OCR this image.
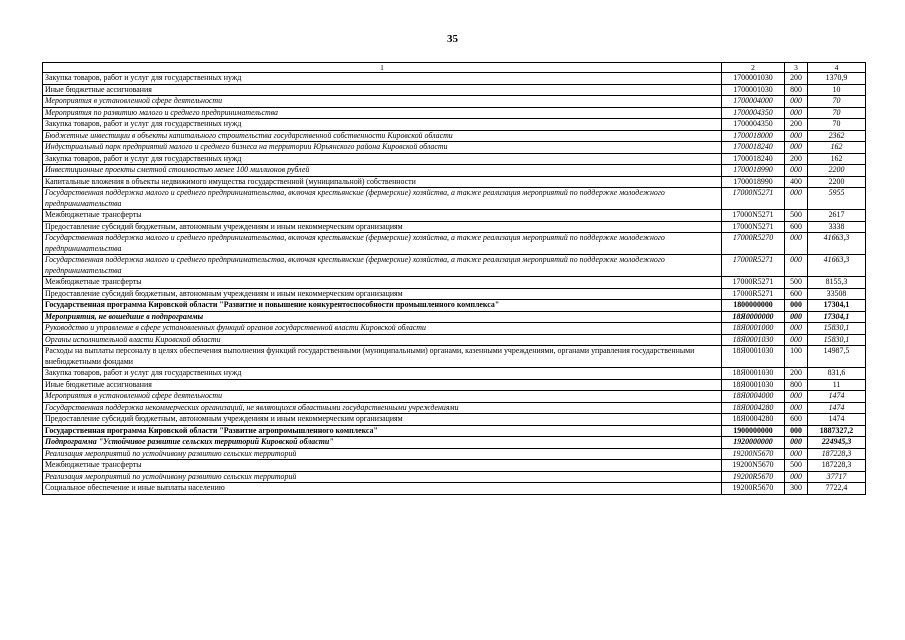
35
1	2	3	4
Закупка товаров, работ и услуг для государственных нужд	1700001030	200	1370,9
Иные бюджетные ассигнования	1700001030	800	10
Мероприятия в установленной сфере деятельности	1700004000	000	70
Мероприятия по развитию малого и среднего предпринимательства	1700004350	000	70
Закупка товаров, работ и услуг для государственных нужд	1700004350	200	70
Бюджетные инвестиции в объекты капитального строительства государственной собственности Кировской области	1700018000	000	2362
Индустриальный парк предприятий малого и среднего бизнеса на территории Юрьянского района Кировской области	1700018240	000	162
Закупка товаров, работ и услуг для государственных нужд	1700018240	200	162
Инвестиционные проекты сметной стоимостью менее 100 миллионов рублей	1700018990	000	2200
Капитальные вложения в объекты недвижимого имущества государственной (муниципальной) собственности	1700018990	400	2200
Государственная поддержка малого и среднего предпринимательства, включая крестьянские (фермерские) хозяйства, а также реализация мероприятий по поддержке молодежного предпринимательства	17000N5271	000	5955
Межбюджетные трансферты	17000N5271	500	2617
Предоставление субсидий бюджетным, автономным учреждениям и иным некоммерческим организациям	17000N5271	600	3338
Государственная поддержка малого и среднего предпринимательства, включая крестьянские (фермерские) хозяйства, а также реализация мероприятий по поддержке молодежного предпринимательства	17000R5270	000	41663,3
Государственная поддержка малого и среднего предпринимательства, включая крестьянские (фермерские) хозяйства, а также реализация мероприятий по поддержке молодежного предпринимательства	17000R5271	000	41663,3
Межбюджетные трансферты	17000R5271	500	8155,3
Предоставление субсидий бюджетным, автономным учреждениям и иным некоммерческим организациям	17000R5271	600	33508
Государственная программа Кировской области "Развитие и повышение конкурентоспособности промышленного комплекса"	1800000000	000	17304,1
Мероприятия, не вошедшие в подпрограммы	18Я0000000	000	17304,1
Руководство и управление в сфере установленных функций органов государственной власти Кировской области	18Я0001000	000	15830,1
Органы исполнительной власти Кировской области	18Я0001030	000	15830,1
Расходы на выплаты персоналу в целях обеспечения выполнения функций государственными (муниципальными) органами, казенными учреждениями, органами управления государственными внебюджетными фондами	18Я0001030	100	14987,5
Закупка товаров, работ и услуг для государственных нужд	18Я0001030	200	831,6
Иные бюджетные ассигнования	18Я0001030	800	11
Мероприятия в установленной сфере деятельности	18Я0004000	000	1474
Государственная поддержка некоммерческих организаций, не являющихся областными государственными учреждениями	18Я0004280	000	1474
Предоставление субсидий бюджетным, автономным учреждениям и иным некоммерческим организациям	18Я0004280	600	1474
Государственная программа Кировской области "Развитие агропромышленного комплекса"	1900000000	000	1887327,2
Подпрограмма "Устойчивое развитие сельских территорий Кировской области"	1920000000	000	224945,3
Реализация мероприятий по устойчивому развитию сельских территорий	19200N5670	000	187228,3
Межбюджетные трансферты	19200N5670	500	187228,3
Реализация мероприятий по устойчивому развитию сельских территорий	19200R5670	000	37717
Социальное обеспечение и иные выплаты населению	19200R5670	300	7722,4
